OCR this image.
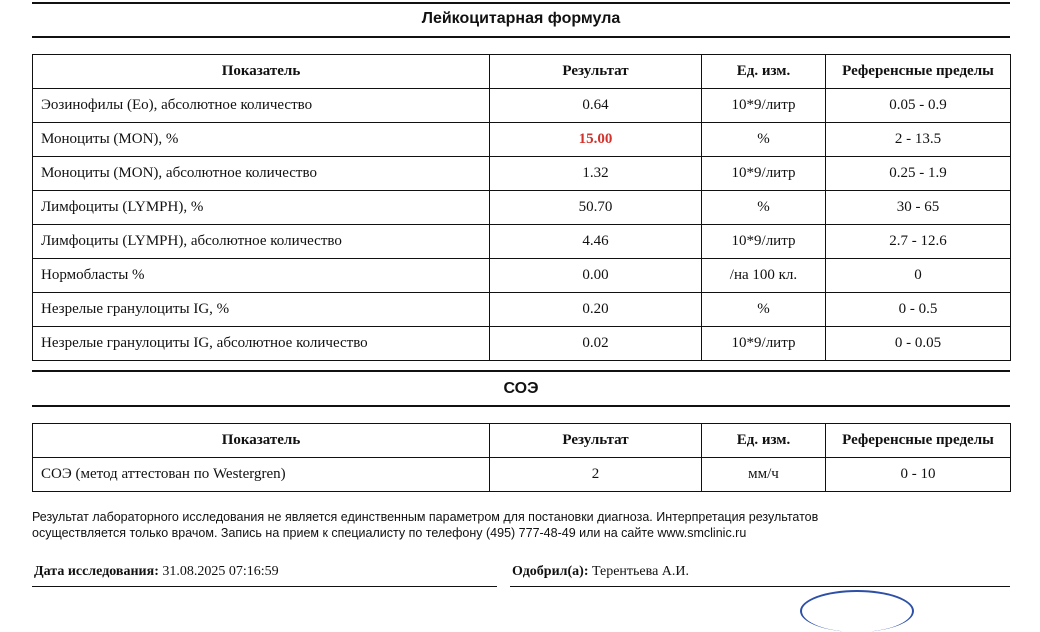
Лейкоцитарная формула
Показатель	Результат	Ед. изм.	Референсные пределы
Эозинофилы (Eo), абсолютное количество	0.64	10*9/литр	0.05 - 0.9
Моноциты (MON), %	15.00	%	2 - 13.5
Моноциты (MON), абсолютное количество	1.32	10*9/литр	0.25 - 1.9
Лимфоциты (LYMPH), %	50.70	%	30 - 65
Лимфоциты (LYMPH), абсолютное количество	4.46	10*9/литр	2.7 - 12.6
Нормобласты %	0.00	/на 100 кл.	0
Незрелые гранулоциты IG, %	0.20	%	0 - 0.5
Незрелые гранулоциты IG, абсолютное количество	0.02	10*9/литр	0 - 0.05
СОЭ
Показатель	Результат	Ед. изм.	Референсные пределы
СОЭ (метод аттестован по Westergren)	2	мм/ч	0 - 10
Результат лабораторного исследования не является единственным параметром для постановки диагноза. Интерпретация результатов
осуществляется только врачом. Запись на прием к специалисту по телефону (495) 777-48-49 или на сайте www.smclinic.ru
Дата исследования: 31.08.2025 07:16:59	Одобрил(а): Терентьева А.И.
